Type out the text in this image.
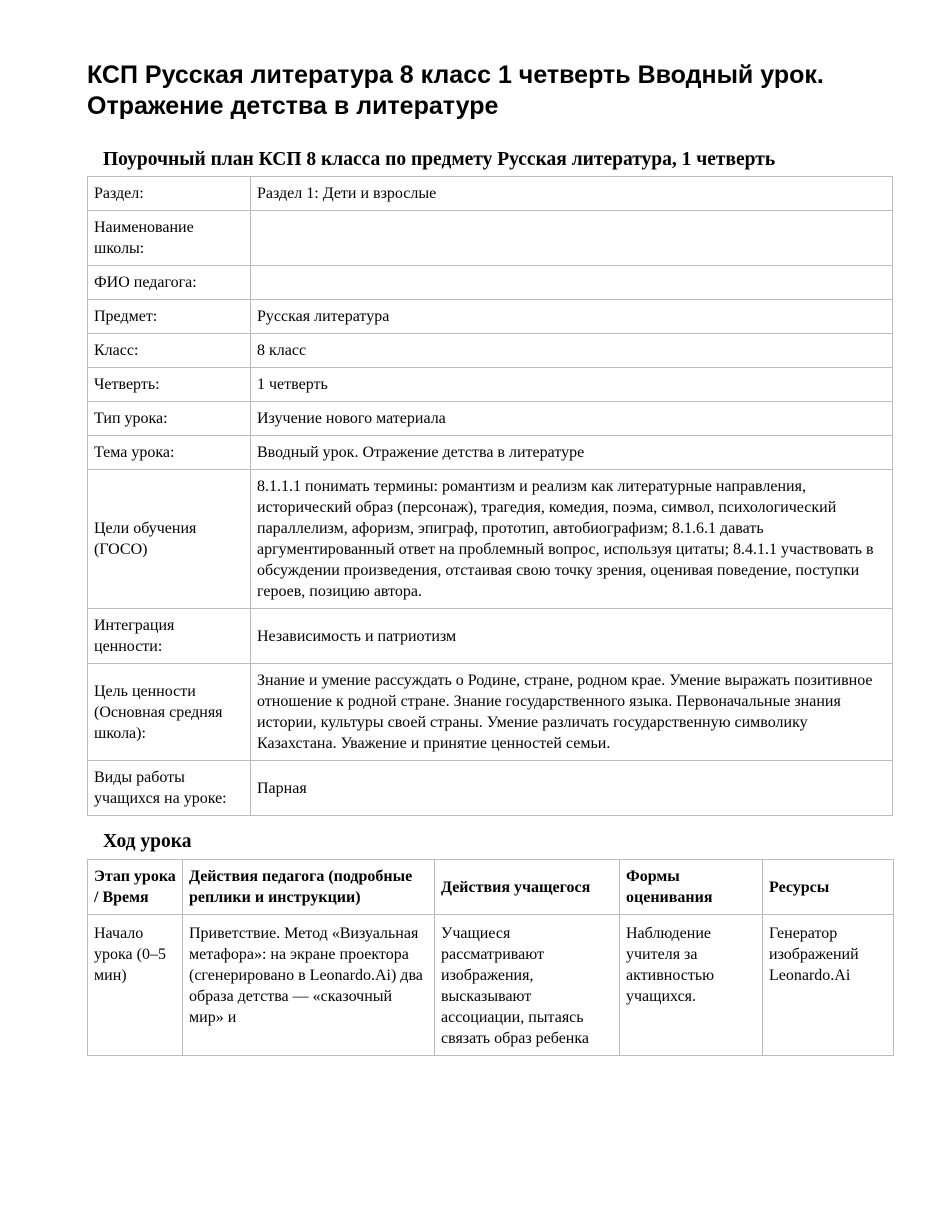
КСП Русская литература 8 класс 1 четверть Вводный урок. Отражение детства в литературе
Поурочный план КСП 8 класса по предмету Русская литература, 1 четверть
Раздел:	Раздел 1: Дети и взрослые
Наименование школы:	
ФИО педагога:	
Предмет:	Русская литература
Класс:	8 класс
Четверть:	1 четверть
Тип урока:	Изучение нового материала
Тема урока:	Вводный урок. Отражение детства в литературе
Цели обучения (ГОСО)	8.1.1.1 понимать термины: романтизм и реализм как литературные направления, исторический образ (персонаж), трагедия, комедия, поэма, символ, психологический параллелизм, афоризм, эпиграф, прототип, автобиографизм; 8.1.6.1 давать аргументированный ответ на проблемный вопрос, используя цитаты; 8.4.1.1 участвовать в обсуждении произведения, отстаивая свою точку зрения, оценивая поведение, поступки героев, позицию автора.
Интеграция ценности:	Независимость и патриотизм
Цель ценности (Основная средняя школа):	Знание и умение рассуждать о Родине, стране, родном крае. Умение выражать позитивное отношение к родной стране. Знание государственного языка. Первоначальные знания истории, культуры своей страны. Умение различать государственную символику Казахстана. Уважение и принятие ценностей семьи.
Виды работы учащихся на уроке:	Парная
Ход урока
Этап урока / Время	Действия педагога (подробные реплики и инструкции)	Действия учащегося	Формы оценивания	Ресурсы

Начало урока (0–5 мин)	Приветствие. Метод «Визуальная метафора»: на экране проектора (сгенерировано в Leonardo.Ai) два образа детства — «сказочный мир» и	Учащиеся рассматривают изображения, высказывают ассоциации, пытаясь связать образ ребенка	Наблюдение учителя за активностью учащихся.	Генератор изображений Leonardo.Ai
